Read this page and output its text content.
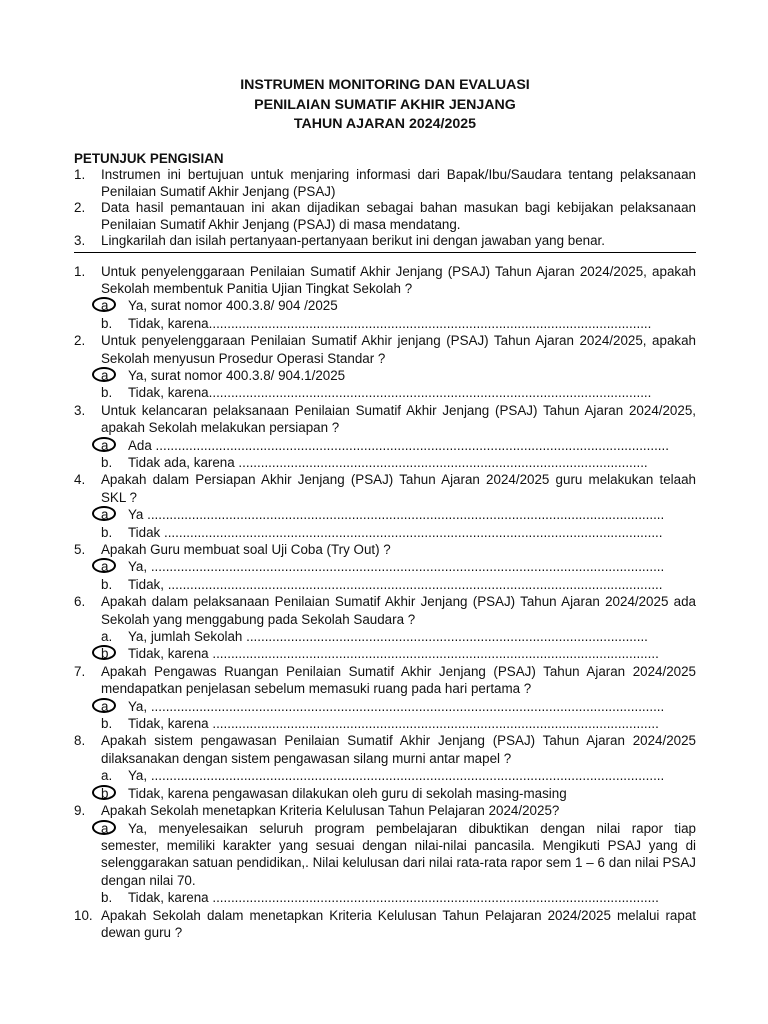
INSTRUMEN MONITORING DAN EVALUASI
PENILAIAN SUMATIF AKHIR JENJANG
TAHUN AJARAN 2024/2025
PETUNJUK PENGISIAN
1.	Instrumen ini bertujuan untuk menjaring informasi dari Bapak/Ibu/Saudara tentang pelaksanaan Penilaian Sumatif Akhir Jenjang (PSAJ)
2.	Data hasil pemantauan ini akan dijadikan sebagai bahan masukan bagi kebijakan pelaksanaan Penilaian Sumatif Akhir Jenjang (PSAJ) di masa mendatang.
3.	Lingkarilah dan isilah pertanyaan-pertanyaan berikut ini dengan jawaban yang benar.
1.	Untuk penyelenggaraan Penilaian Sumatif Akhir Jenjang (PSAJ) Tahun Ajaran 2024/2025, apakah Sekolah membentuk Panitia Ujian Tingkat Sekolah ?
a.	Ya, surat nomor 400.3.8/ 904 /2025
b.	Tidak, karena.......................................................................................................................
2.	Untuk penyelenggaraan Penilaian Sumatif Akhir jenjang (PSAJ) Tahun Ajaran 2024/2025, apakah Sekolah menyusun Prosedur Operasi Standar ?
a.	Ya, surat nomor 400.3.8/ 904.1/2025
b.	Tidak, karena.......................................................................................................................
3.	Untuk kelancaran pelaksanaan Penilaian Sumatif Akhir Jenjang (PSAJ) Tahun Ajaran 2024/2025, apakah Sekolah melakukan persiapan ?
a.	Ada ..........................................................................................................................................
b.	Tidak ada, karena ..............................................................................................................
4.	Apakah dalam Persiapan Akhir Jenjang (PSAJ) Tahun Ajaran 2024/2025 guru melakukan telaah SKL ?
a.	Ya ...........................................................................................................................................
b.	Tidak ......................................................................................................................................
5.	Apakah Guru membuat soal Uji Coba (Try Out) ?
a.	Ya, ..........................................................................................................................................
b.	Tidak, .....................................................................................................................................
6.	Apakah dalam pelaksanaan Penilaian Sumatif Akhir Jenjang (PSAJ) Tahun Ajaran 2024/2025 ada Sekolah yang menggabung pada Sekolah Saudara ?
a.	Ya, jumlah Sekolah ............................................................................................................
b.	Tidak, karena ........................................................................................................................
7.	Apakah Pengawas Ruangan Penilaian Sumatif Akhir Jenjang (PSAJ) Tahun Ajaran 2024/2025 mendapatkan penjelasan sebelum memasuki ruang pada hari pertama ?
a.	Ya, ..........................................................................................................................................
b.	Tidak, karena ........................................................................................................................
8.	Apakah sistem pengawasan Penilaian Sumatif Akhir Jenjang (PSAJ) Tahun Ajaran 2024/2025 dilaksanakan dengan sistem pengawasan silang murni antar mapel ?
a.	Ya, ..........................................................................................................................................
b.	Tidak, karena pengawasan dilakukan oleh guru di sekolah masing-masing
9.	Apakah Sekolah menetapkan Kriteria Kelulusan Tahun Pelajaran 2024/2025?
a.	Ya, menyelesaikan seluruh program pembelajaran dibuktikan dengan nilai rapor tiap
semester, memiliki karakter yang sesuai dengan nilai-nilai pancasila. Mengikuti PSAJ yang di selenggarakan satuan pendidikan,. Nilai kelulusan dari nilai rata-rata rapor sem 1 – 6 dan nilai PSAJ dengan nilai 70.
b.	Tidak, karena ........................................................................................................................
10. Apakah Sekolah dalam menetapkan Kriteria Kelulusan Tahun Pelajaran 2024/2025 melalui rapat dewan guru ?
